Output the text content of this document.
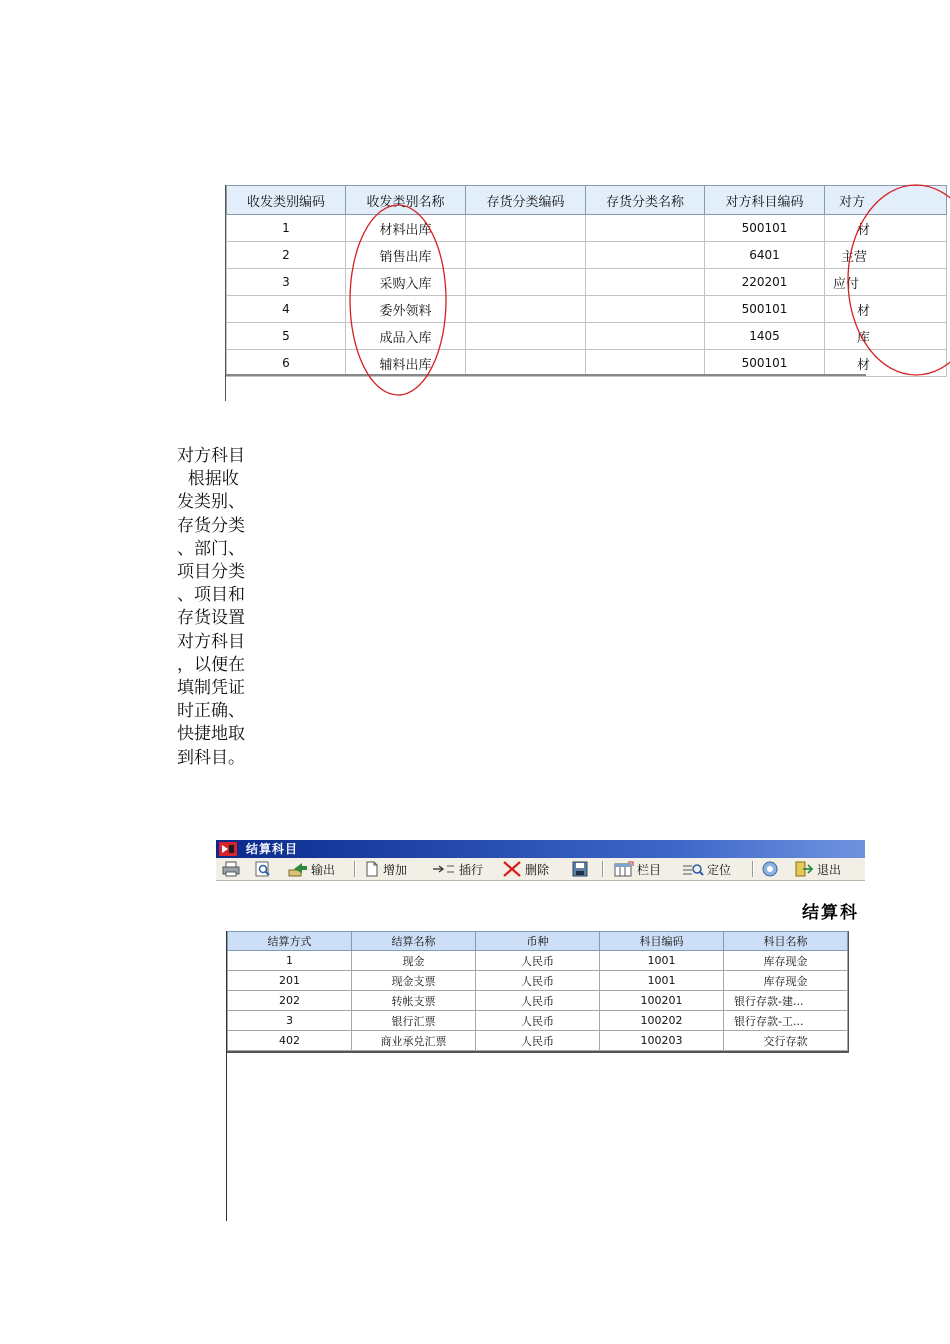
收发类别编码	收发类别名称	存货分类编码	存货分类名称	对方科目编码	对方
1	材料出库			500101	材
2	销售出库			6401	主营
3	采购入库			220201	应付
4	委外领料			500101	材
5	成品入库			1405	库
6	辅料出库			500101	材
对方科目
根据收
发类别、
存货分类
、部门、
项目分类
、项目和
存货设置
对方科目
，以便在
填制凭证
时正确、
快捷地取
到科目。
结算科目
输出	增加	插行	删除	栏目	定位	退出
结算科
结算方式	结算名称	币种	科目编码	科目名称
1	现金	人民币	1001	库存现金
201	现金支票	人民币	1001	库存现金
202	转帐支票	人民币	100201	银行存款-建...
3	银行汇票	人民币	100202	银行存款-工...
402	商业承兑汇票	人民币	100203	交行存款
